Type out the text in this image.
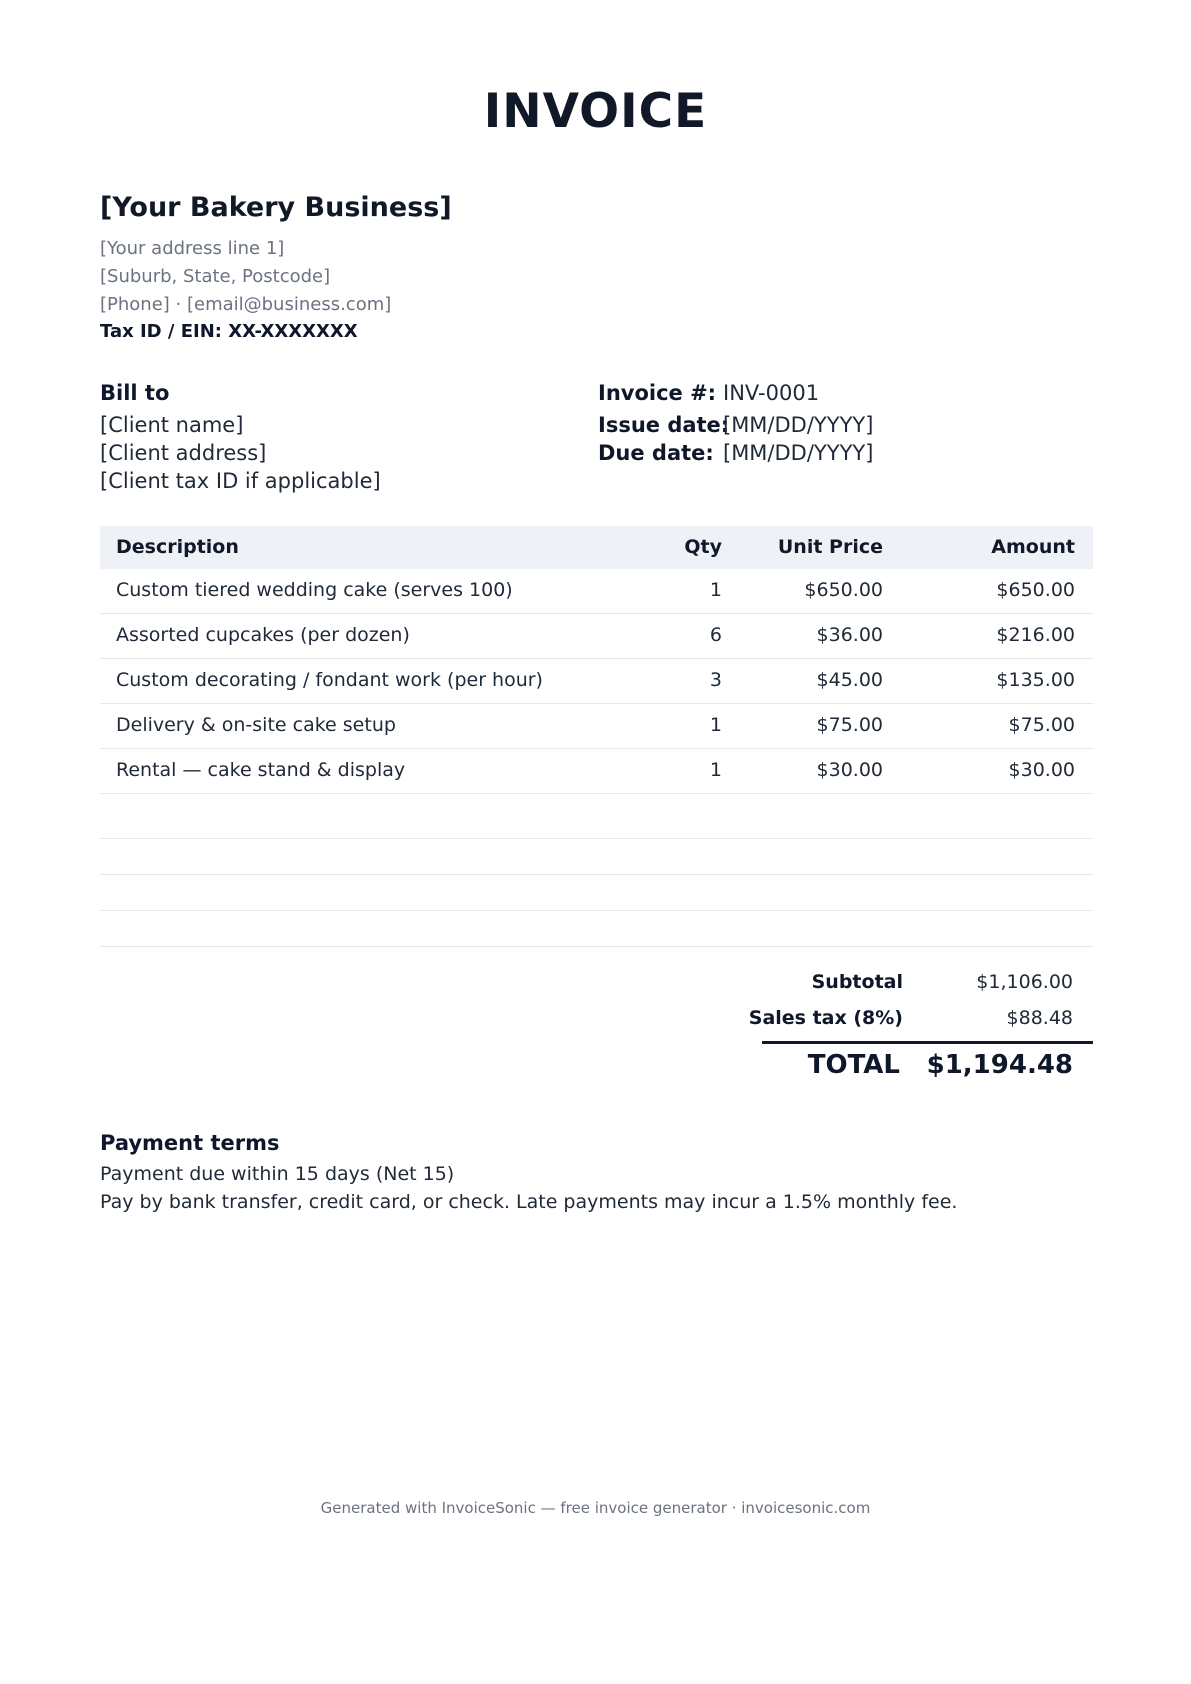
INVOICE
[Your Bakery Business]
[Your address line 1]
[Suburb, State, Postcode]
[Phone] · [email@business.com]
Tax ID / EIN: XX-XXXXXXX
Bill to
[Client name]
[Client address]
[Client tax ID if applicable]
Invoice #: INV-0001
Issue date:
[MM/DD/YYYY]
Due date: [MM/DD/YYYY]
Description	Qty	Unit Price	Amount
Custom tiered wedding cake (serves 100)	1	$650.00	$650.00
Assorted cupcakes (per dozen)	6	$36.00	$216.00
Custom decorating / fondant work (per hour)	3	$45.00	$135.00
Delivery & on-site cake setup	1	$75.00	$75.00
Rental — cake stand & display	1	$30.00	$30.00
Subtotal	$1,106.00
Sales tax (8%)	$88.48
TOTAL $1,194.48
Payment terms
Payment due within 15 days (Net 15)
Pay by bank transfer, credit card, or check. Late payments may incur a 1.5% monthly fee.
Generated with InvoiceSonic — free invoice generator · invoicesonic.com
